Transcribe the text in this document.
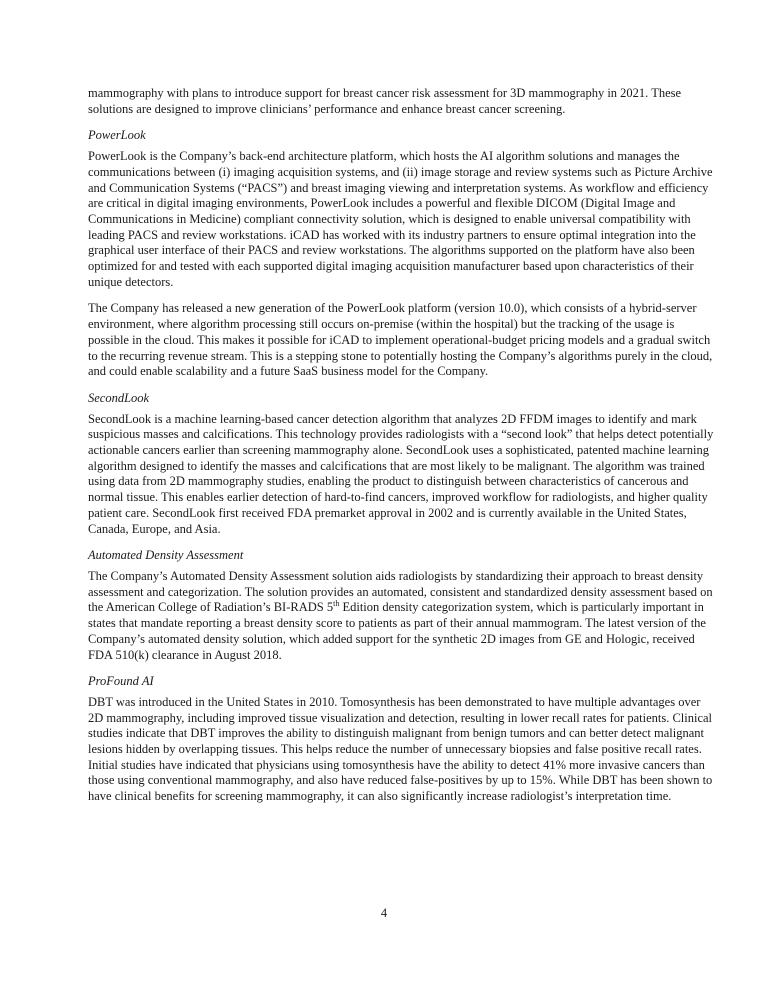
mammography with plans to introduce support for breast cancer risk assessment for 3D mammography in 2021. These solutions are designed to improve clinicians’ performance and enhance breast cancer screening.

PowerLook

PowerLook is the Company’s back-end architecture platform, which hosts the AI algorithm solutions and manages the communications between (i) imaging acquisition systems, and (ii) image storage and review systems such as Picture Archive and Communication Systems (“PACS”) and breast imaging viewing and interpretation systems. As workflow and efficiency are critical in digital imaging environments, PowerLook includes a powerful and flexible DICOM (Digital Image and Communications in Medicine) compliant connectivity solution, which is designed to enable universal compatibility with leading PACS and review workstations. iCAD has worked with its industry partners to ensure optimal integration into the graphical user interface of their PACS and review workstations. The algorithms supported on the platform have also been optimized for and tested with each supported digital imaging acquisition manufacturer based upon characteristics of their unique detectors.

The Company has released a new generation of the PowerLook platform (version 10.0), which consists of a hybrid-server environment, where algorithm processing still occurs on-premise (within the hospital) but the tracking of the usage is possible in the cloud. This makes it possible for iCAD to implement operational-budget pricing models and a gradual switch to the recurring revenue stream. This is a stepping stone to potentially hosting the Company’s algorithms purely in the cloud, and could enable scalability and a future SaaS business model for the Company.

SecondLook

SecondLook is a machine learning-based cancer detection algorithm that analyzes 2D FFDM images to identify and mark suspicious masses and calcifications. This technology provides radiologists with a “second look” that helps detect potentially actionable cancers earlier than screening mammography alone. SecondLook uses a sophisticated, patented machine learning algorithm designed to identify the masses and calcifications that are most likely to be malignant. The algorithm was trained using data from 2D mammography studies, enabling the product to distinguish between characteristics of cancerous and normal tissue. This enables earlier detection of hard-to-find cancers, improved workflow for radiologists, and higher quality patient care. SecondLook first received FDA premarket approval in 2002 and is currently available in the United States, Canada, Europe, and Asia.

Automated Density Assessment

The Company’s Automated Density Assessment solution aids radiologists by standardizing their approach to breast density assessment and categorization. The solution provides an automated, consistent and standardized density assessment based on the American College of Radiation’s BI-RADS 5th Edition density categorization system, which is particularly important in states that mandate reporting a breast density score to patients as part of their annual mammogram. The latest version of the Company’s automated density solution, which added support for the synthetic 2D images from GE and Hologic, received FDA 510(k) clearance in August 2018.

ProFound AI

DBT was introduced in the United States in 2010. Tomosynthesis has been demonstrated to have multiple advantages over 2D mammography, including improved tissue visualization and detection, resulting in lower recall rates for patients. Clinical studies indicate that DBT improves the ability to distinguish malignant from benign tumors and can better detect malignant lesions hidden by overlapping tissues. This helps reduce the number of unnecessary biopsies and false positive recall rates. Initial studies have indicated that physicians using tomosynthesis have the ability to detect 41% more invasive cancers than those using conventional mammography, and also have reduced false-positives by up to 15%. While DBT has been shown to have clinical benefits for screening mammography, it can also significantly increase radiologist’s interpretation time.

4
